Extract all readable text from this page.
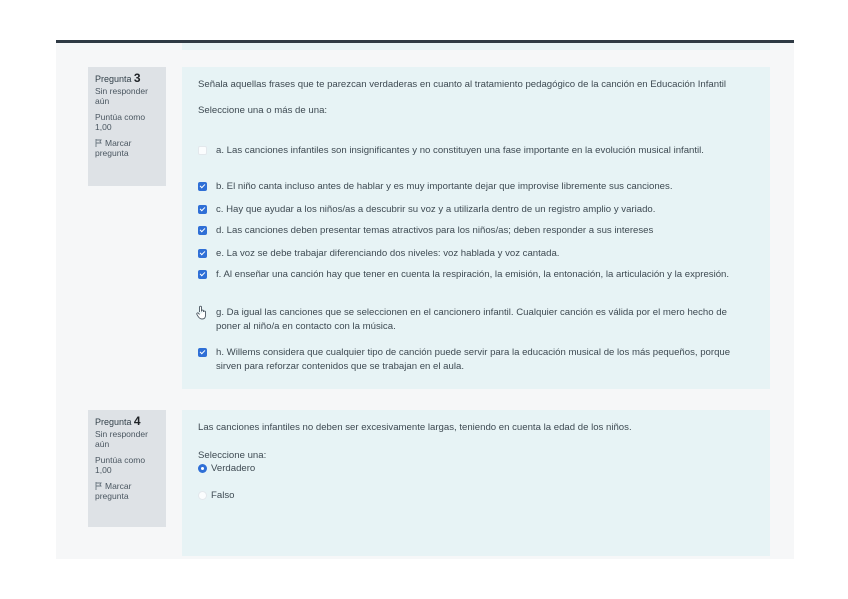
Pregunta 3
Sin responder aún
Puntúa como 1,00
Marcar pregunta
Señala aquellas frases que te parezcan verdaderas en cuanto al tratamiento pedagógico de la canción en Educación Infantil
Seleccione una o más de una:
a. Las canciones infantiles son insignificantes y no constituyen una fase importante en la evolución musical infantil.
b. El niño canta incluso antes de hablar y es muy importante dejar que improvise libremente sus canciones.
c. Hay que ayudar a los niños/as a descubrir su voz y a utilizarla dentro de un registro amplio y variado.
d. Las canciones deben presentar temas atractivos para los niños/as; deben responder a sus intereses
e. La voz se debe trabajar diferenciando dos niveles: voz hablada y voz cantada.
f. Al enseñar una canción hay que tener en cuenta la respiración, la emisión, la entonación, la articulación y la expresión.
g. Da igual las canciones que se seleccionen en el cancionero infantil. Cualquier canción es válida por el mero hecho de poner al niño/a en contacto con la música.
h. Willems considera que cualquier tipo de canción puede servir para la educación musical de los más pequeños, porque sirven para reforzar contenidos que se trabajan en el aula.
Pregunta 4
Sin responder aún
Puntúa como 1,00
Marcar pregunta
Las canciones infantiles no deben ser excesivamente largas, teniendo en cuenta la edad de los niños.
Seleccione una:
Verdadero
Falso
